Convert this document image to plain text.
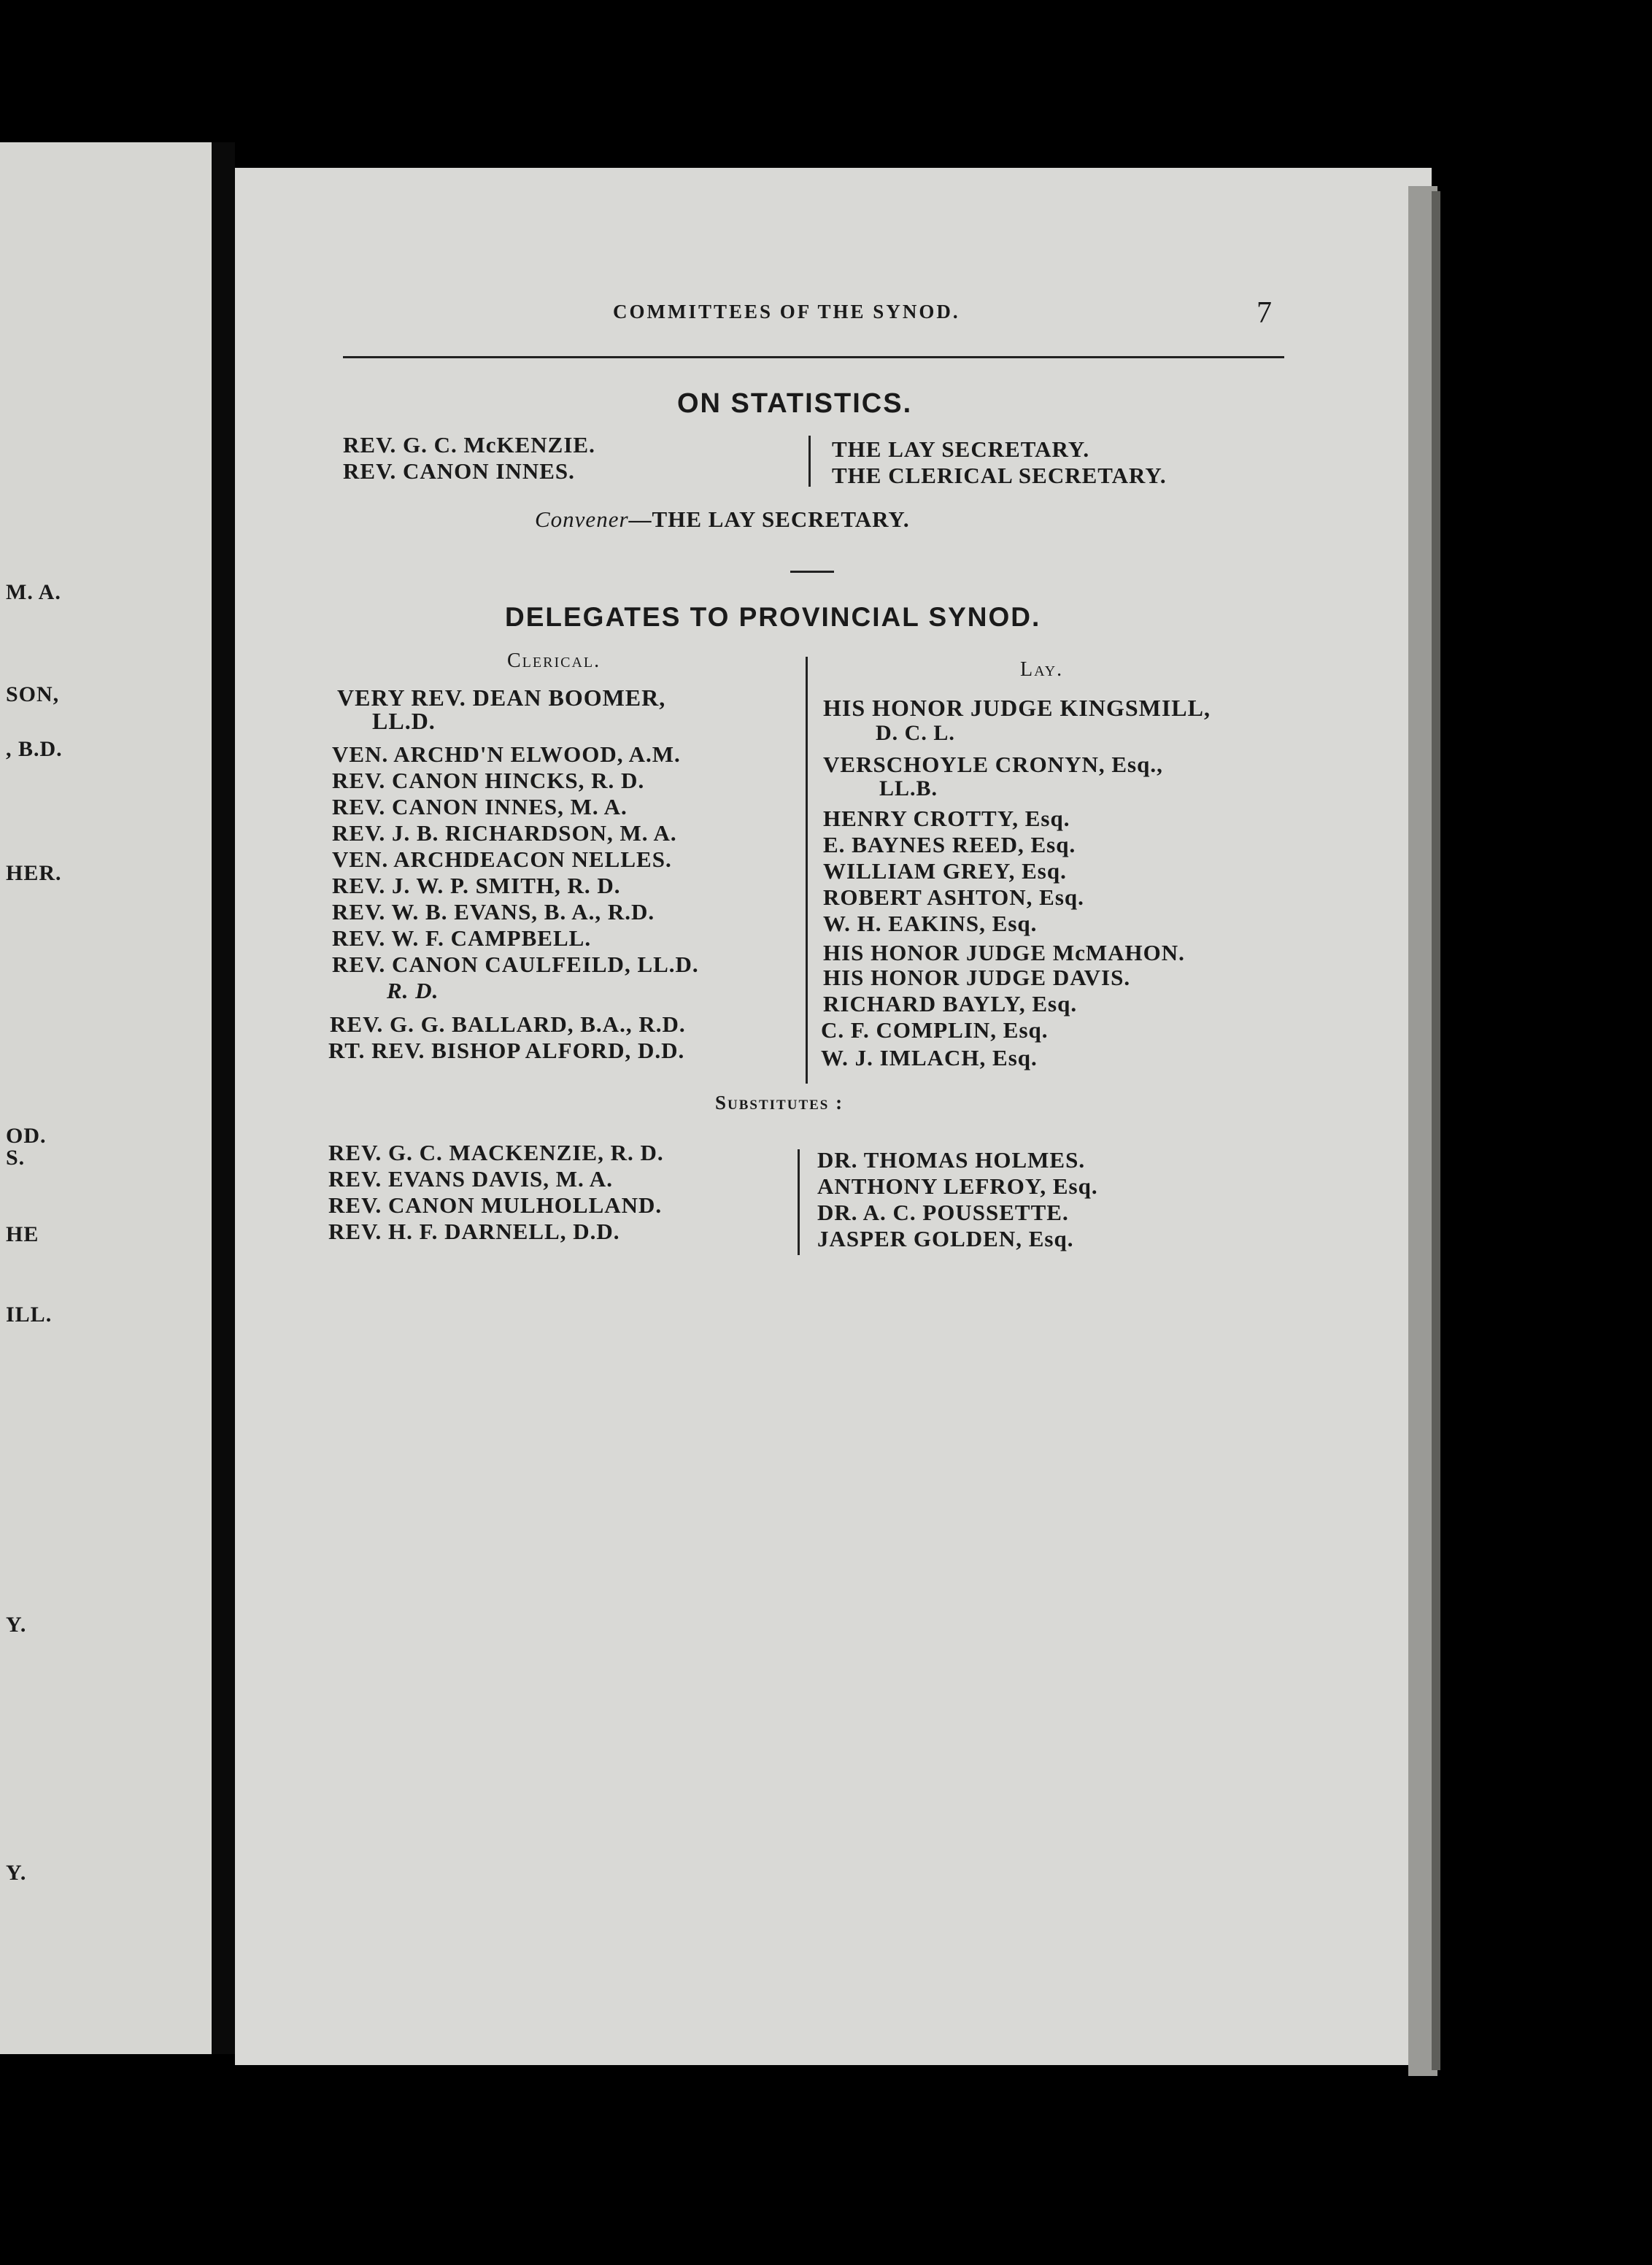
M. A.
SON,
, B.D.
HER.
OD.
S.
HE
ILL.
Y.
Y.
COMMITTEES OF THE SYNOD.	7
ON STATISTICS.
REV. G. C. McKENZIE.
REV. CANON INNES.
THE LAY SECRETARY.
THE CLERICAL SECRETARY.
Convener—THE LAY SECRETARY.
DELEGATES TO PROVINCIAL SYNOD.
Clerical.	Lay.
VERY REV. DEAN BOOMER,
LL.D.
VEN. ARCHD'N ELWOOD, A.M.
REV. CANON HINCKS, R. D.
REV. CANON INNES, M. A.
REV. J. B. RICHARDSON, M. A.
VEN. ARCHDEACON NELLES.
REV. J. W. P. SMITH, R. D.
REV. W. B. EVANS, B. A., R.D.
REV. W. F. CAMPBELL.
REV. CANON CAULFEILD, LL.D.
R. D.
REV. G. G. BALLARD, B.A., R.D.
RT. REV. BISHOP ALFORD, D.D.
HIS HONOR JUDGE KINGSMILL,
D. C. L.
VERSCHOYLE CRONYN, Esq.,
LL.B.
HENRY CROTTY, Esq.
E. BAYNES REED, Esq.
WILLIAM GREY, Esq.
ROBERT ASHTON, Esq.
W. H. EAKINS, Esq.
HIS HONOR JUDGE McMAHON.
HIS HONOR JUDGE DAVIS.
RICHARD BAYLY, Esq.
C. F. COMPLIN, Esq.
W. J. IMLACH, Esq.
Substitutes :
REV. G. C. MACKENZIE, R. D.
REV. EVANS DAVIS, M. A.
REV. CANON MULHOLLAND.
REV. H. F. DARNELL, D.D.
DR. THOMAS HOLMES.
ANTHONY LEFROY, Esq.
DR. A. C. POUSSETTE.
JASPER GOLDEN, Esq.
